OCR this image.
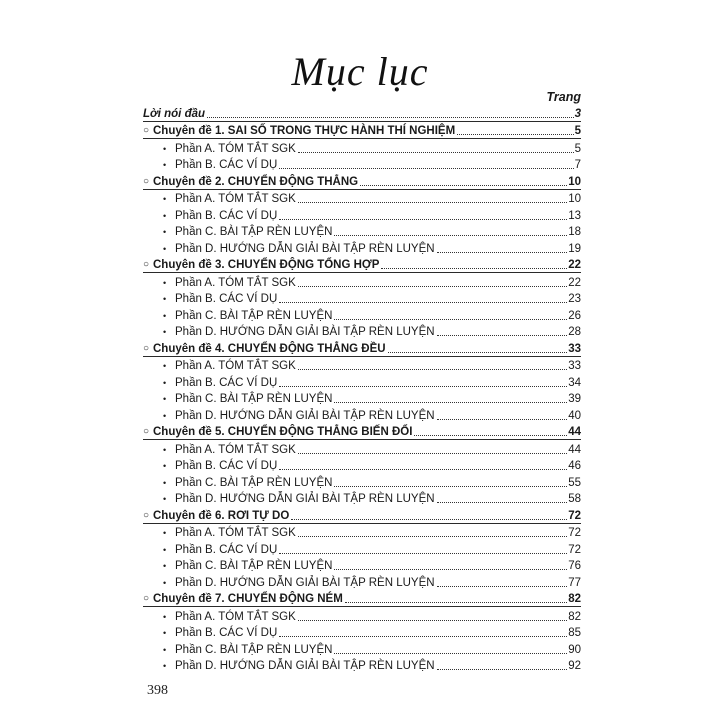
Mục lục
Trang
Lời nói đầu	3
○ Chuyên đề 1. SAI SỐ TRONG THỰC HÀNH THÍ NGHIỆM	5
• Phần A. TÓM TẮT SGK	5
• Phần B. CÁC VÍ DỤ	7
○ Chuyên đề 2. CHUYỂN ĐỘNG THẲNG	10
• Phần A. TÓM TẮT SGK	10
• Phần B. CÁC VÍ DỤ	13
• Phần C. BÀI TẬP RÈN LUYỆN	18
• Phần D. HƯỚNG DẪN GIẢI BÀI TẬP RÈN LUYỆN	19
○ Chuyên đề 3. CHUYỂN ĐỘNG TỔNG HỢP	22
• Phần A. TÓM TẮT SGK	22
• Phần B. CÁC VÍ DỤ	23
• Phần C. BÀI TẬP RÈN LUYỆN	26
• Phần D. HƯỚNG DẪN GIẢI BÀI TẬP RÈN LUYỆN	28
○ Chuyên đề 4. CHUYỂN ĐỘNG THẲNG ĐỀU	33
• Phần A. TÓM TẮT SGK	33
• Phần B. CÁC VÍ DỤ	34
• Phần C. BÀI TẬP RÈN LUYỆN	39
• Phần D. HƯỚNG DẪN GIẢI BÀI TẬP RÈN LUYỆN	40
○ Chuyên đề 5. CHUYỂN ĐỘNG THẲNG BIẾN ĐỔI	44
• Phần A. TÓM TẮT SGK	44
• Phần B. CÁC VÍ DỤ	46
• Phần C. BÀI TẬP RÈN LUYỆN	55
• Phần D. HƯỚNG DẪN GIẢI BÀI TẬP RÈN LUYỆN	58
○ Chuyên đề 6. RƠI TỰ DO	72
• Phần A. TÓM TẮT SGK	72
• Phần B. CÁC VÍ DỤ	72
• Phần C. BÀI TẬP RÈN LUYỆN	76
• Phần D. HƯỚNG DẪN GIẢI BÀI TẬP RÈN LUYỆN	77
○ Chuyên đề 7. CHUYỂN ĐỘNG NÉM	82
• Phần A. TÓM TẮT SGK	82
• Phần B. CÁC VÍ DỤ	85
• Phần C. BÀI TẬP RÈN LUYỆN	90
• Phần D. HƯỚNG DẪN GIẢI BÀI TẬP RÈN LUYỆN	92
398
